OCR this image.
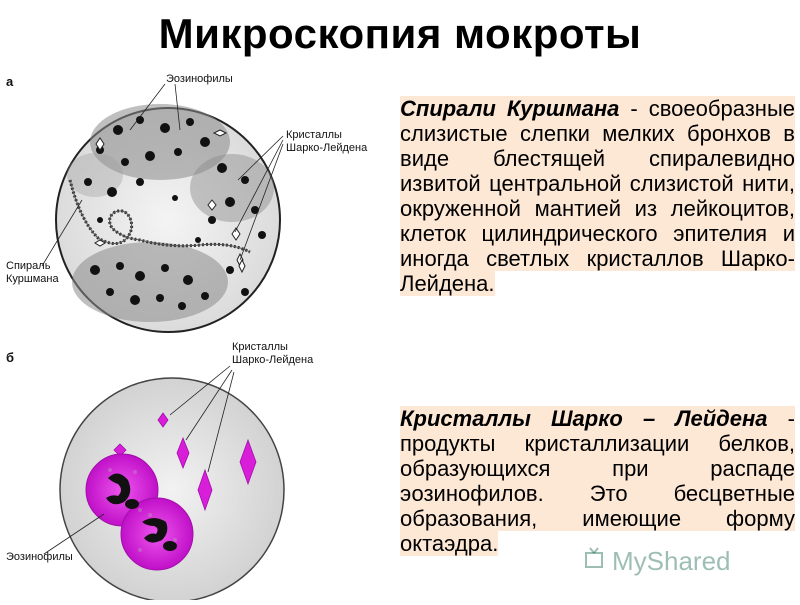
Микроскопия мокроты
а	Эозинофилы
Кристаллы
Шарко-Лейдена
Спираль
Куршмана
б
Кристаллы
Шарко-Лейдена
Эозинофилы
Спирали Куршмана - своеобразные слизистые слепки мелких бронхов в виде блестящей спиралевидно извитой центральной слизистой нити, окруженной мантией из лейкоцитов, клеток цилиндрического эпителия и иногда светлых кристаллов Шарко-Лейдена.
Кристаллы Шарко – Лейдена - продукты кристаллизации белков, образующихся при распаде эозинофилов. Это бесцветные образования, имеющие форму октаэдра.
MyShared
